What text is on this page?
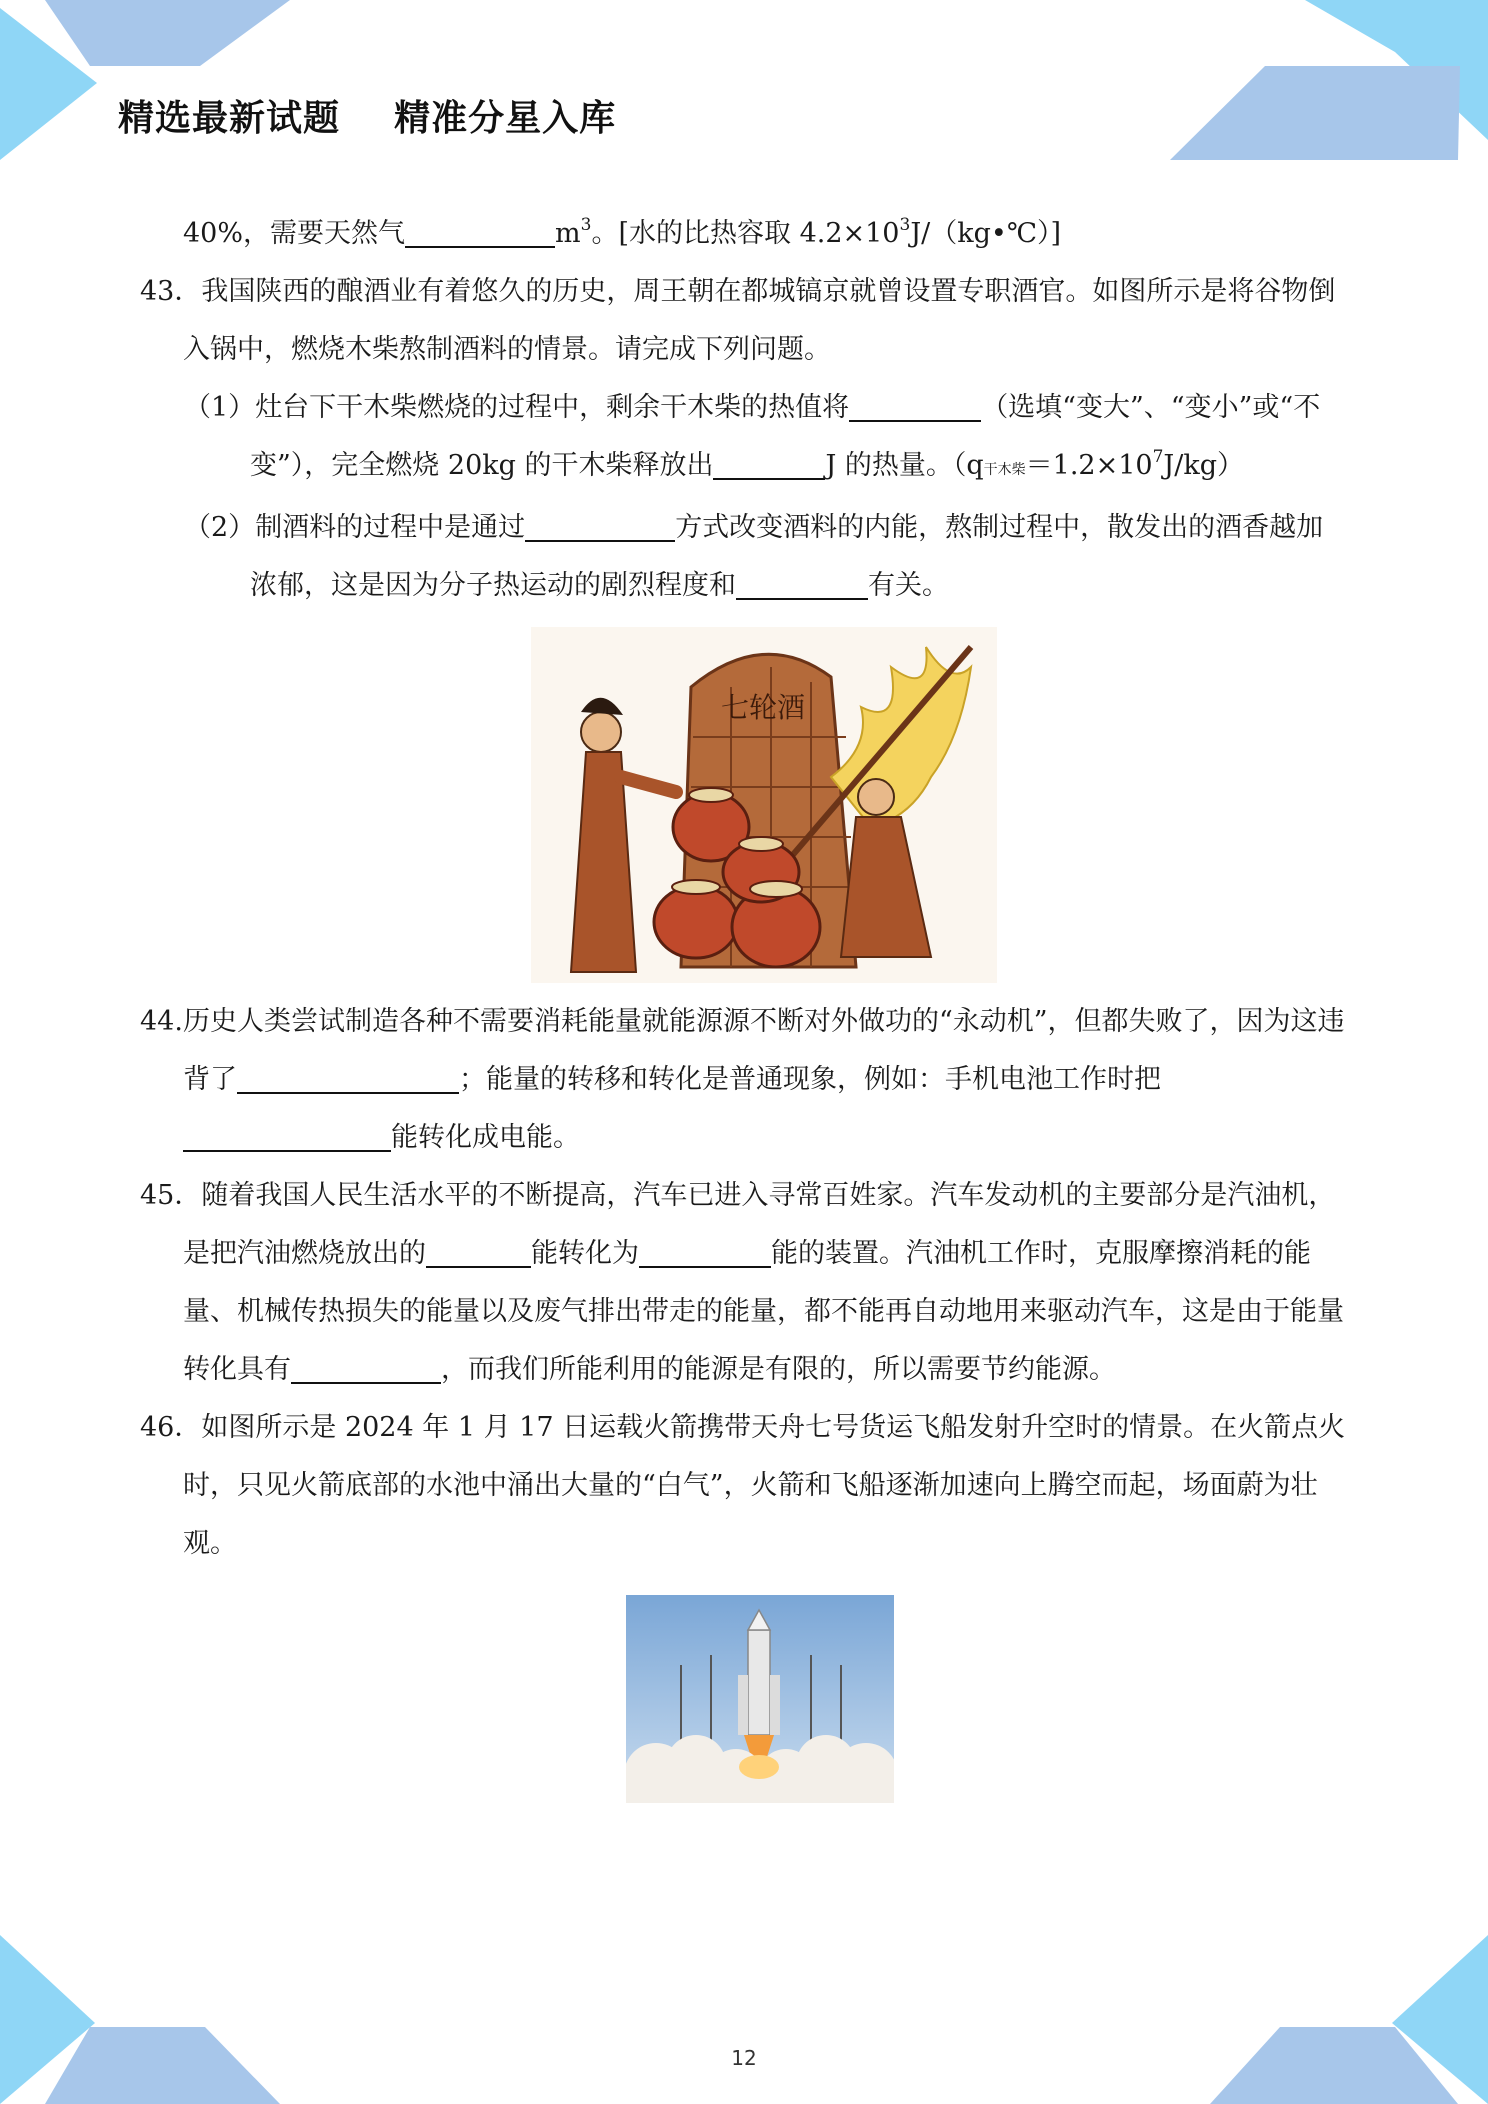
精选最新试题    精准分星入库

40%，需要天然气	$m^3$。[水的比热容取 $4.2\times 10^3J/(kg•℃)$]

43．我国陕西的酿酒业有着悠久的历史，周王朝在都城镐京就曾设置专职酒官。如图所示是将谷物倒入锅中，燃烧木柴熬制酒料的情景。请完成下列问题。

（1）灶台下干木柴燃烧的过程中，剩余干木柴的热值将	（选填“变大”、“变小”或“不变”），完全燃烧 20kg 的干木柴释放出	J 的热量。（q干木柴$=1.2\times 10^7J/kg$）

（2）制酒料的过程中是通过	方式改变酒料的内能，熬制过程中，散发出的酒香越加浓郁，这是因为分子热运动的剧烈程度和	有关。

七轮酒

44.历史人类尝试制造各种不需要消耗能量就能源源不断对外做功的“永动机”，但都失败了，因为这违背了	；能量的转移和转化是普通现象，例如：手机电池工作时把能转化成电能。

45．随着我国人民生活水平的不断提高，汽车已进入寻常百姓家。汽车发动机的主要部分是汽油机，是把汽油燃烧放出的	能转化为	能的装置。汽油机工作时，克服摩擦消耗的能量、机械传热损失的能量以及废气排出带走的能量，都不能再自动地用来驱动汽车，这是由于能量转化具有	，而我们所能利用的能源是有限的，所以需要节约能源。

46．如图所示是 2024 年 1 月 17 日运载火箭携带天舟七号货运飞船发射升空时的情景。在火箭点火时，只见火箭底部的水池中涌出大量的“白气”，火箭和飞船逐渐加速向上腾空而起，场面蔚为壮观。

12
